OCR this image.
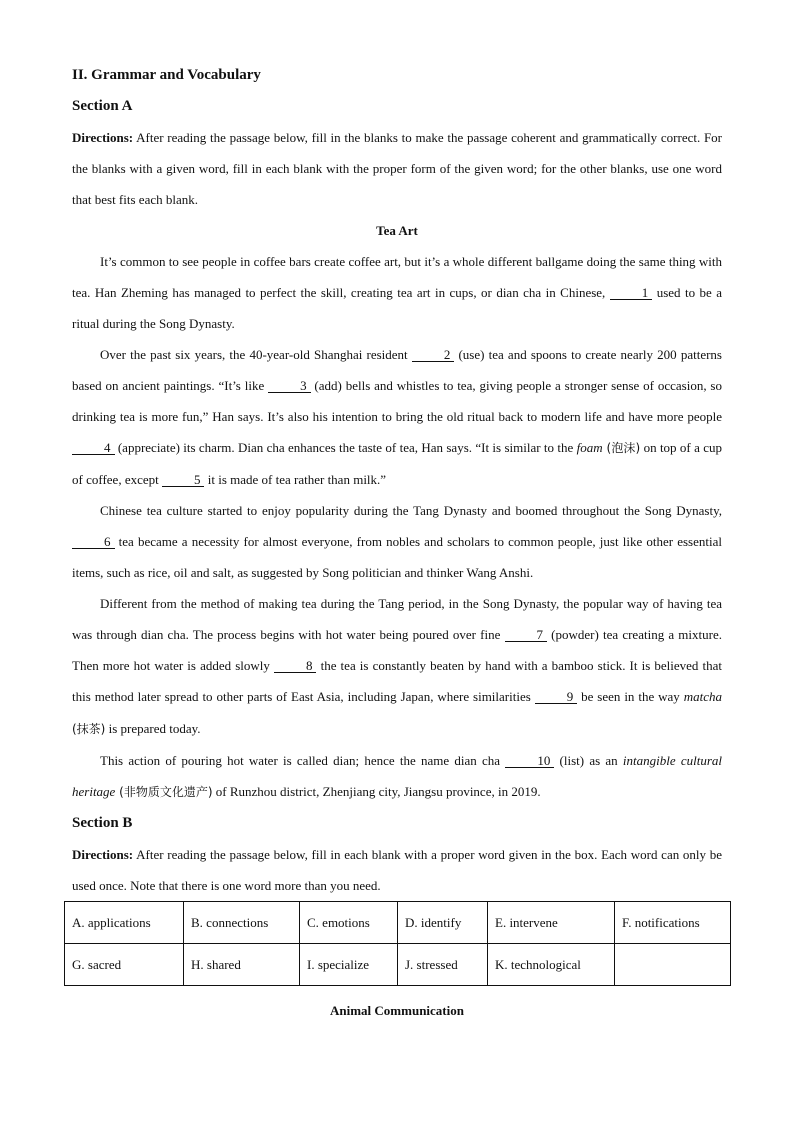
II. Grammar and Vocabulary
Section A

Directions: After reading the passage below, fill in the blanks to make the passage coherent and grammatically correct. For the blanks with a given word, fill in each blank with the proper form of the given word; for the other blanks, use one word that best fits each blank.

Tea Art

It’s common to see people in coffee bars create coffee art, but it’s a whole different ballgame doing the same thing with tea. Han Zheming has managed to perfect the skill, creating tea art in cups, or dian cha in Chinese, 1 used to be a ritual during the Song Dynasty.

Over the past six years, the 40-year-old Shanghai resident 2 (use) tea and spoons to create nearly 200 patterns based on ancient paintings. “It’s like 3 (add) bells and whistles to tea, giving people a stronger sense of occasion, so drinking tea is more fun,” Han says. It’s also his intention to bring the old ritual back to modern life and have more people 4 (appreciate) its charm. Dian cha enhances the taste of tea, Han says. “It is similar to the foam (泡沫) on top of a cup of coffee, except 5 it is made of tea rather than milk.”

Chinese tea culture started to enjoy popularity during the Tang Dynasty and boomed throughout the Song Dynasty, 6 tea became a necessity for almost everyone, from nobles and scholars to common people, just like other essential items, such as rice, oil and salt, as suggested by Song politician and thinker Wang Anshi.

Different from the method of making tea during the Tang period, in the Song Dynasty, the popular way of having tea was through dian cha. The process begins with hot water being poured over fine 7 (powder) tea creating a mixture. Then more hot water is added slowly 8 the tea is constantly beaten by hand with a bamboo stick. It is believed that this method later spread to other parts of East Asia, including Japan, where similarities 9 be seen in the way matcha (抹茶) is prepared today.

This action of pouring hot water is called dian; hence the name dian cha 10 (list) as an intangible cultural heritage (非物质文化遗产) of Runzhou district, Zhenjiang city, Jiangsu province, in 2019.

Section B

Directions: After reading the passage below, fill in each blank with a proper word given in the box. Each word can only be used once. Note that there is one word more than you need.

A. applications	B. connections	C. emotions	D. identify	E. intervene	F. notifications
G. sacred	H. shared	I. specialize	J. stressed	K. technological	
Animal Communication
